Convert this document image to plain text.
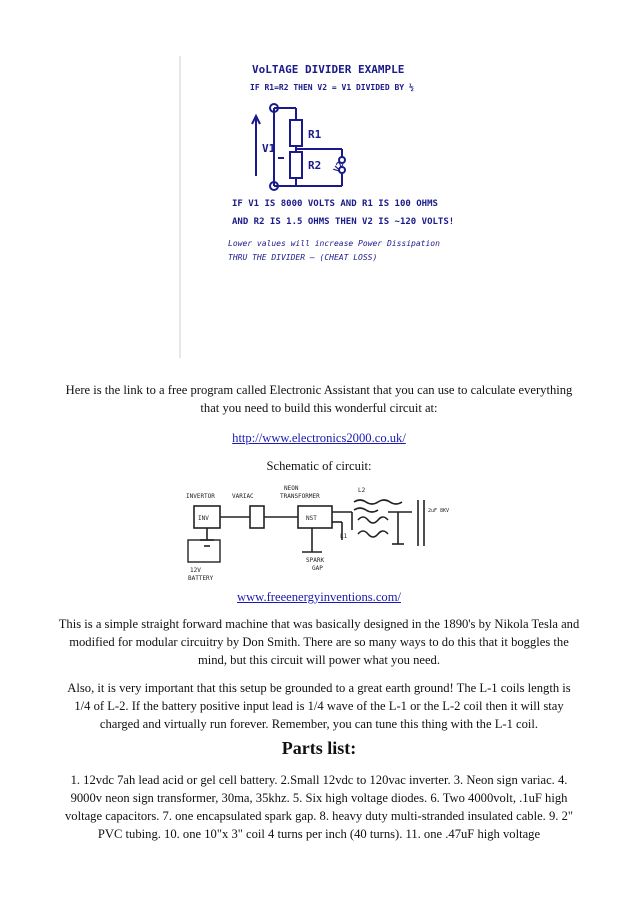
VoLTAGE DIVIDER EXAMPLE
IF R1=R2 THEN V2 = V1 DIVIDED BY ½
R1
R2
V1
V2
IF V1 IS 8000 VOLTS AND R1 IS 100 OHMS
AND R2 IS 1.5 OHMS THEN V2 IS ~120 VOLTS!
Lower values will increase Power Dissipation
THRU THE DIVIDER — (CHEAT LOSS)
Here is the link to a free program called Electronic Assistant that you can use to calculate everything that you need to build this wonderful circuit at:
http://www.electronics2000.co.uk/
Schematic of circuit:
INVERTOR	VARIAC
NEON
TRANSFORMER
INV	NST
L2
L1
2uF 8KV
12V
BATTERY
SPARK
GAP
www.freeenergyinventions.com/
This is a simple straight forward machine that was basically designed in the 1890's by Nikola Tesla and modified for modular circuitry by Don Smith. There are so many ways to do this that it boggles the mind, but this circuit will power what you need.
Also, it is very important that this setup be grounded to a great earth ground! The L-1 coils length is 1/4 of L-2. If the battery positive input lead is 1/4 wave of the L-1 or the L-2 coil then it will stay charged and virtually run forever. Remember, you can tune this thing with the L-1 coil.
Parts list:
1. 12vdc 7ah lead acid or gel cell battery. 2.Small 12vdc to 120vac inverter. 3. Neon sign variac. 4. 9000v neon sign transformer, 30ma, 35khz. 5. Six high voltage diodes. 6. Two 4000volt, .1uF high voltage capacitors. 7. one encapsulated spark gap. 8. heavy duty multi-stranded insulated cable. 9. 2" PVC tubing. 10. one 10"x 3" coil 4 turns per inch (40 turns). 11. one .47uF high voltage
